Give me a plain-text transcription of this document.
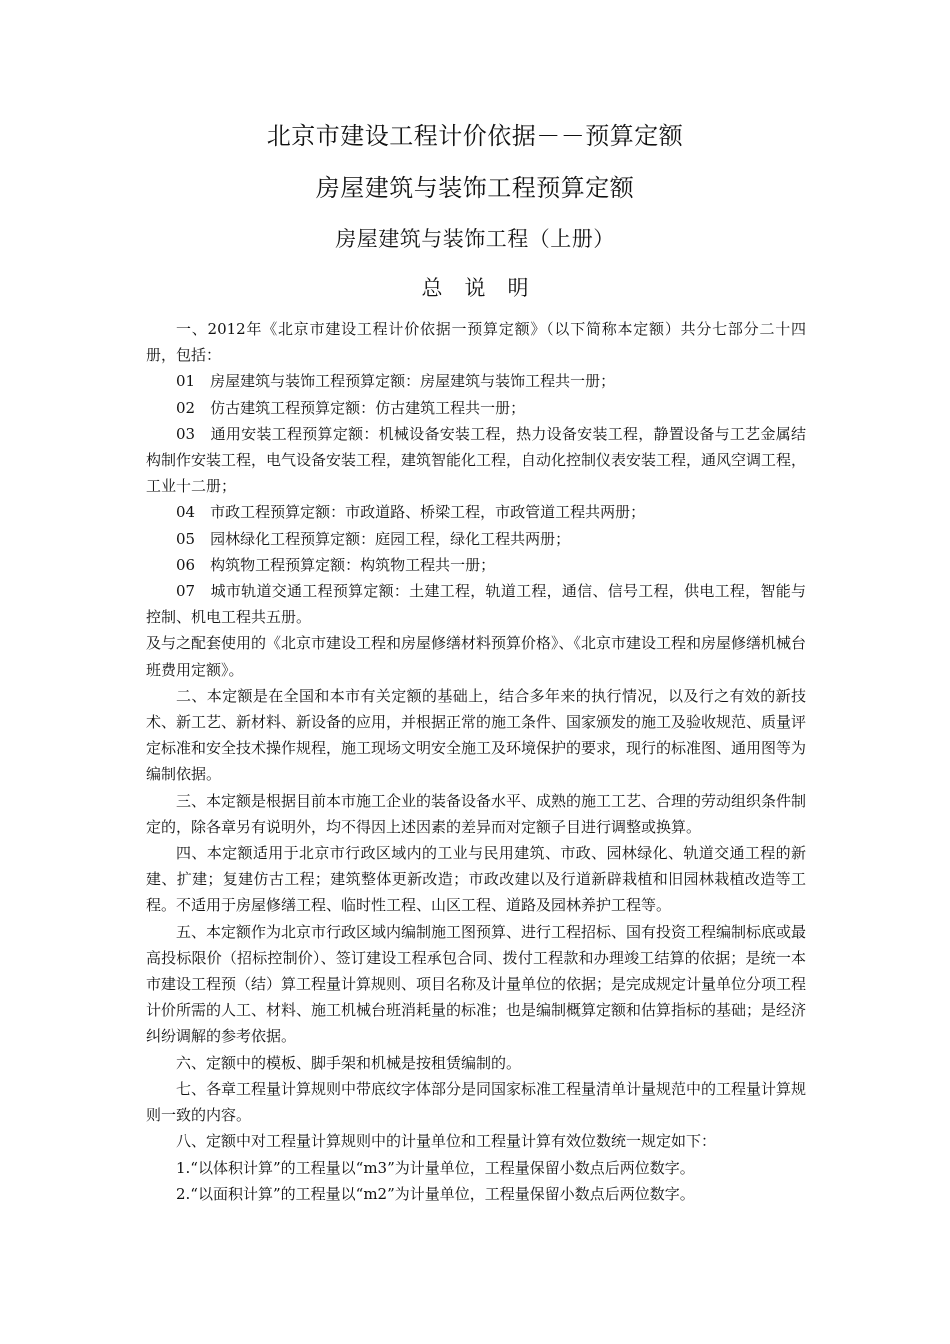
北京市建设工程计价依据－－预算定额
房屋建筑与装饰工程预算定额
房屋建筑与装饰工程（上册）
总说明

一、2012年《北京市建设工程计价依据一预算定额》（以下简称本定额）共分七部分二十四册，包括：

01　房屋建筑与装饰工程预算定额：房屋建筑与装饰工程共一册；

02　仿古建筑工程预算定额：仿古建筑工程共一册；

03　通用安装工程预算定额：机械设备安装工程，热力设备安装工程，静置设备与工艺金属结构制作安装工程，电气设备安装工程，建筑智能化工程，自动化控制仪表安装工程，通风空调工程，工业十二册；

04　市政工程预算定额：市政道路、桥梁工程，市政管道工程共两册；

05　园林绿化工程预算定额：庭园工程，绿化工程共两册；

06　构筑物工程预算定额：构筑物工程共一册；

07　城市轨道交通工程预算定额：土建工程，轨道工程，通信、信号工程，供电工程，智能与控制、机电工程共五册。

及与之配套使用的《北京市建设工程和房屋修缮材料预算价格》、《北京市建设工程和房屋修缮机械台班费用定额》。

二、本定额是在全国和本市有关定额的基础上，结合多年来的执行情况，以及行之有效的新技术、新工艺、新材料、新设备的应用，并根据正常的施工条件、国家颁发的施工及验收规范、质量评定标准和安全技术操作规程，施工现场文明安全施工及环境保护的要求，现行的标准图、通用图等为编制依据。

三、本定额是根据目前本市施工企业的装备设备水平、成熟的施工工艺、合理的劳动组织条件制定的，除各章另有说明外，均不得因上述因素的差异而对定额子目进行调整或换算。

四、本定额适用于北京市行政区域内的工业与民用建筑、市政、园林绿化、轨道交通工程的新建、扩建；复建仿古工程；建筑整体更新改造；市政改建以及行道新辟栽植和旧园林栽植改造等工程。不适用于房屋修缮工程、临时性工程、山区工程、道路及园林养护工程等。

五、本定额作为北京市行政区域内编制施工图预算、进行工程招标、国有投资工程编制标底或最高投标限价（招标控制价）、签订建设工程承包合同、拨付工程款和办理竣工结算的依据；是统一本市建设工程预（结）算工程量计算规则、项目名称及计量单位的依据；是完成规定计量单位分项工程计价所需的人工、材料、施工机械台班消耗量的标准；也是编制概算定额和估算指标的基础；是经济纠纷调解的参考依据。

六、定额中的模板、脚手架和机械是按租赁编制的。

七、各章工程量计算规则中带底纹字体部分是同国家标准工程量清单计量规范中的工程量计算规则一致的内容。

八、定额中对工程量计算规则中的计量单位和工程量计算有效位数统一规定如下：

1.“以体积计算”的工程量以“m3”为计量单位，工程量保留小数点后两位数字。

2.“以面积计算”的工程量以“m2”为计量单位，工程量保留小数点后两位数字。
